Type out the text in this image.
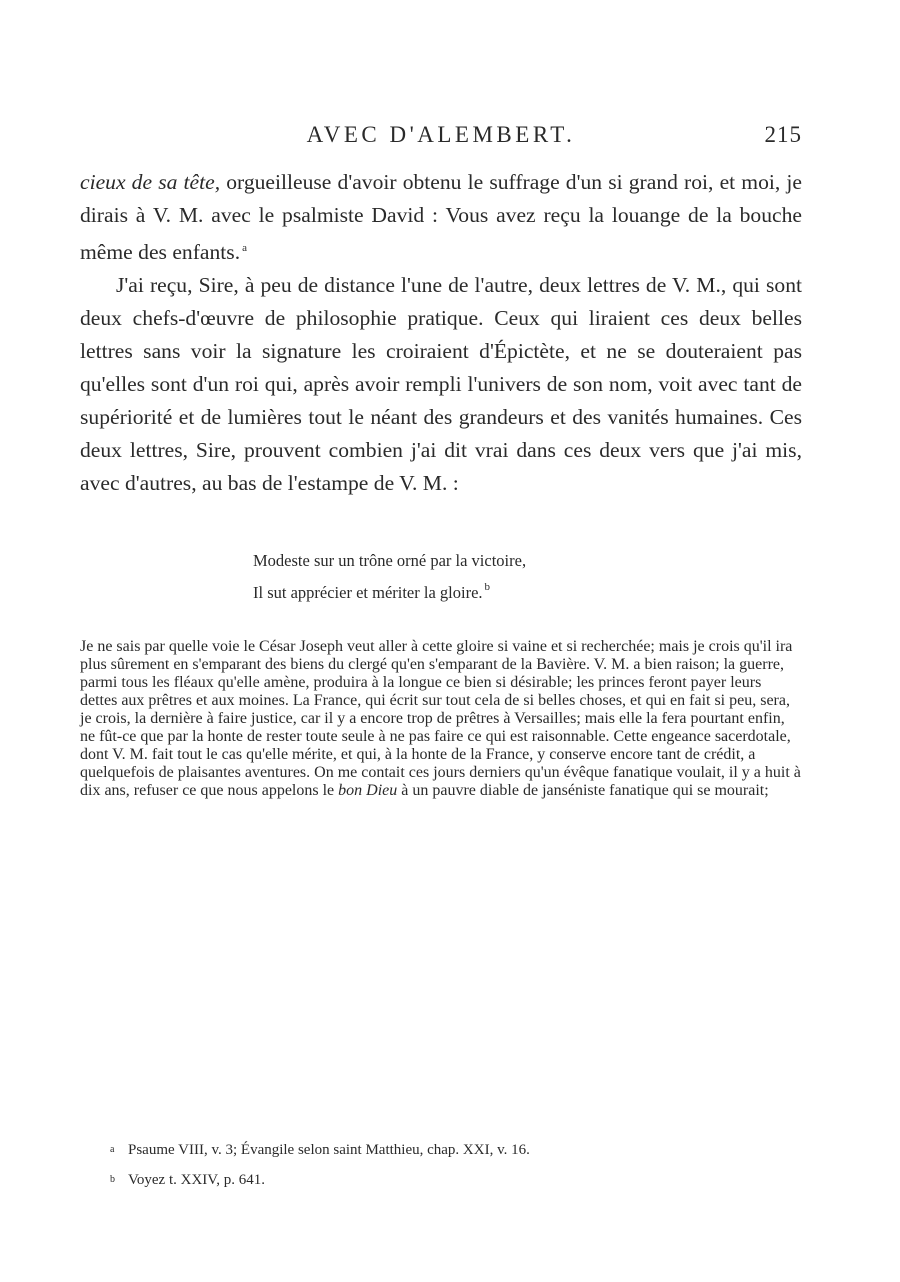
AVEC D'ALEMBERT.	215

cieux de sa tête, orgueilleuse d'avoir obtenu le suffrage d'un si grand roi, et moi, je dirais à V. M. avec le psalmiste David : Vous avez reçu la louange de la bouche même des enfants. $^a$

J'ai reçu, Sire, à peu de distance l'une de l'autre, deux lettres de V. M., qui sont deux chefs-d'œuvre de philosophie pratique. Ceux qui liraient ces deux belles lettres sans voir la signature les croiraient d'Épictète, et ne se douteraient pas qu'elles sont d'un roi qui, après avoir rempli l'univers de son nom, voit avec tant de supériorité et de lumières tout le néant des grandeurs et des vanités humaines. Ces deux lettres, Sire, prouvent combien j'ai dit vrai dans ces deux vers que j'ai mis, avec d'autres, au bas de l'estampe de V. M. :

Modeste sur un trône orné par la victoire,
Il sut apprécier et mériter la gloire. $^b$

Je ne sais par quelle voie le César Joseph veut aller à cette gloire si vaine et si recherchée; mais je crois qu'il ira plus sûrement en s'emparant des biens du clergé qu'en s'emparant de la Bavière. V. M. a bien raison; la guerre, parmi tous les fléaux qu'elle amène, produira à la longue ce bien si désirable; les princes feront payer leurs dettes aux prêtres et aux moines. La France, qui écrit sur tout cela de si belles choses, et qui en fait si peu, sera, je crois, la dernière à faire justice, car il y a encore trop de prêtres à Versailles; mais elle la fera pourtant enfin, ne fût-ce que par la honte de rester toute seule à ne pas faire ce qui est raisonnable. Cette engeance sacerdotale, dont V. M. fait tout le cas qu'elle mérite, et qui, à la honte de la France, y conserve encore tant de crédit, a quelquefois de plaisantes aventures. On me contait ces jours derniers qu'un évêque fanatique voulait, il y a huit à dix ans, refuser ce que nous appelons le bon Dieu à un pauvre diable de janséniste fanatique qui se mourait;

a Psaume VIII, v. 3; Évangile selon saint Matthieu, chap. XXI, v. 16.
b Voyez t. XXIV, p. 641.
